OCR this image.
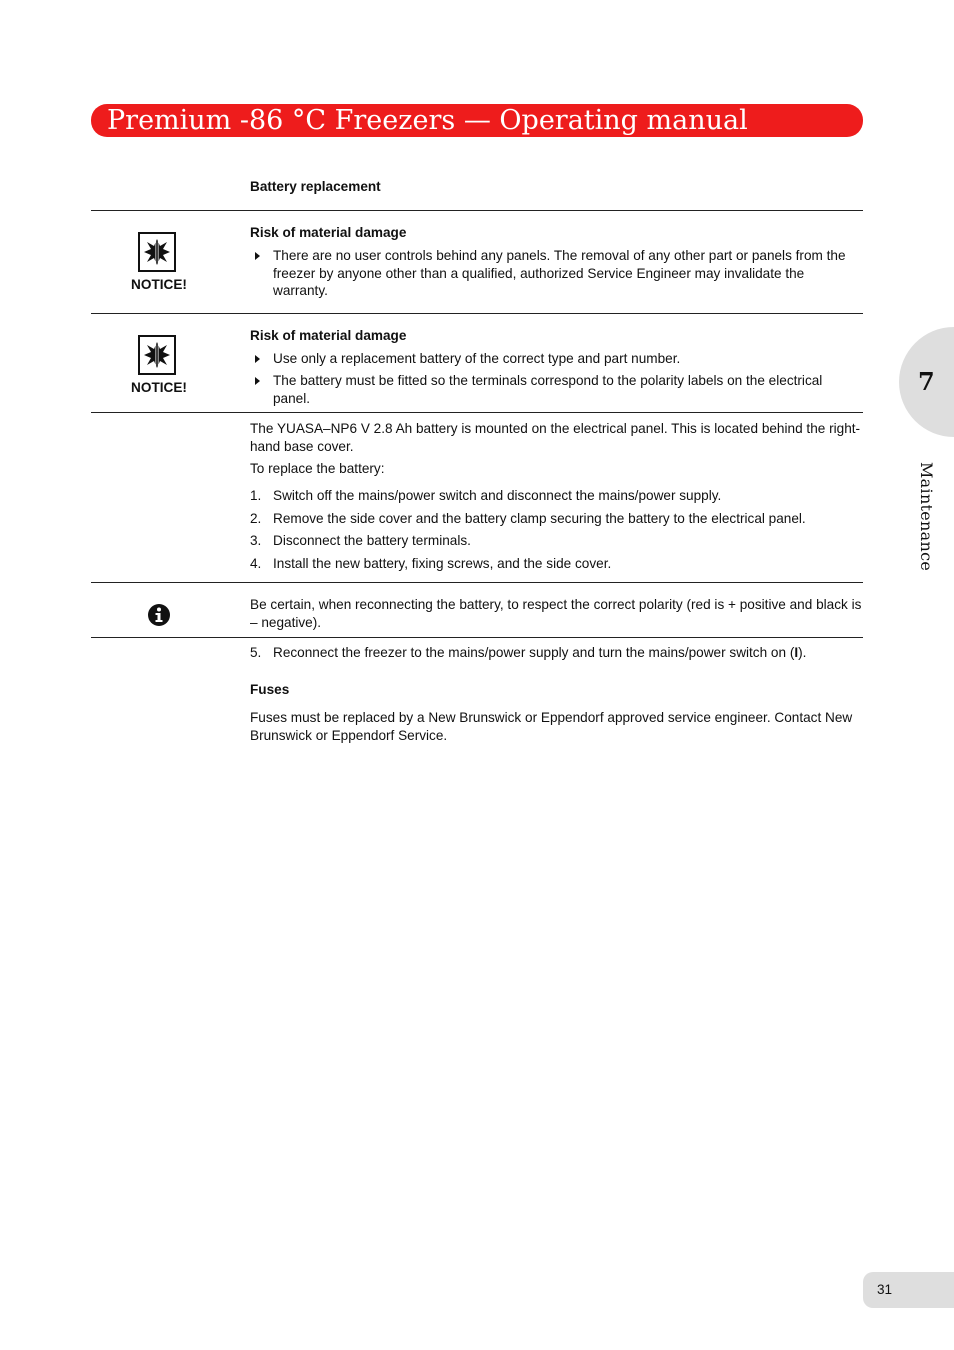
Premium -86 °C Freezers — Operating manual
7
Maintenance
Battery replacement
NOTICE!
Risk of material damage
There are no user controls behind any panels. The removal of any other part or panels from the freezer by anyone other than a qualified, authorized Service Engineer may invalidate the warranty.
NOTICE!
Risk of material damage
Use only a replacement battery of the correct type and part number.
The battery must be fitted so the terminals correspond to the polarity labels on the electrical panel.
The YUASA–NP6 V 2.8 Ah battery is mounted on the electrical panel. This is located behind the right-hand base cover.
To replace the battery:
1. Switch off the mains/power switch and disconnect the mains/power supply.
2. Remove the side cover and the battery clamp securing the battery to the electrical panel.
3. Disconnect the battery terminals.
4. Install the new battery, fixing screws, and the side cover.
Be certain, when reconnecting the battery, to respect the correct polarity (red is + positive and black is – negative).
5. Reconnect the freezer to the mains/power supply and turn the mains/power switch on (I).
Fuses
Fuses must be replaced by a New Brunswick or Eppendorf approved service engineer. Contact New Brunswick or Eppendorf Service.
31
